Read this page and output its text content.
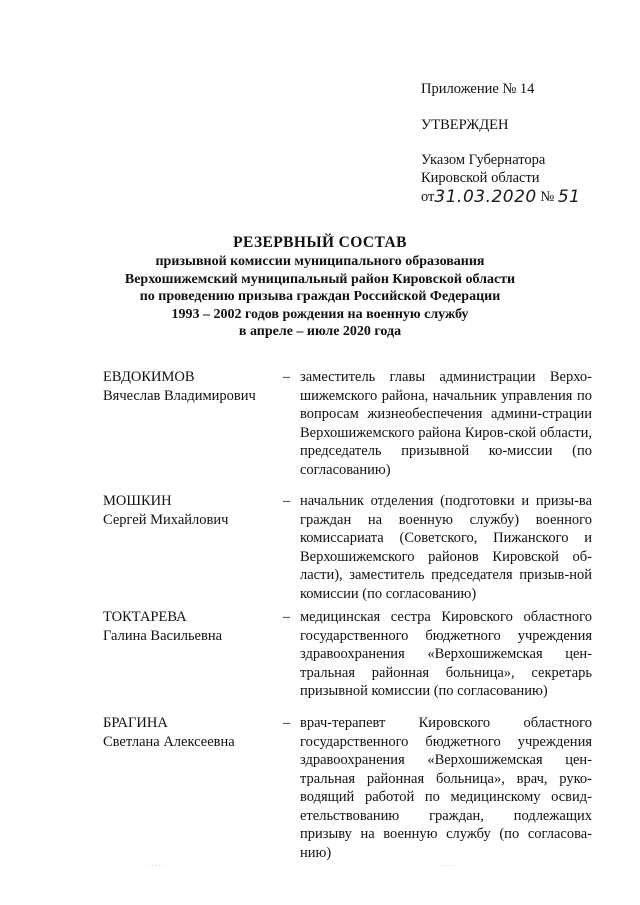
Приложение № 14
УТВЕРЖДЕН
Указом Губернатора
Кировской области
от31.03.2020 № 51
РЕЗЕРВНЫЙ СОСТАВ
призывной комиссии муниципального образования
Верхошижемский муниципальный район Кировской области
по проведению призыва граждан Российской Федерации
1993 – 2002 годов рождения на военную службу
в апреле – июле 2020 года
ЕВДОКИМОВ
Вячеслав Владимирович
– заместитель главы администрации Верхо-шижемского района, начальник управления по вопросам жизнеобеспечения админи-страции Верхошижемского района Киров-ской области, председатель призывной ко-миссии (по согласованию)
МОШКИН
Сергей Михайлович
– начальник отделения (подготовки и призы-ва граждан на военную службу) военного комиссариата (Советского, Пижанского и Верхошижемского районов Кировской об-ласти), заместитель председателя призыв-ной комиссии (по согласованию)
ТОКТАРЕВА
Галина Васильевна
– медицинская сестра Кировского областного государственного бюджетного учреждения здравоохранения «Верхошижемская цен-тральная районная больница», секретарь призывной комиссии (по согласованию)
БРАГИНА
Светлана Алексеевна
– врач-терапевт Кировского областного государственного бюджетного учреждения здравоохранения «Верхошижемская цен-тральная районная больница», врач, руко-водящий работой по медицинскому освид-етельствованию граждан, подлежащих призыву на военную службу (по согласова-нию)
·····	·····
